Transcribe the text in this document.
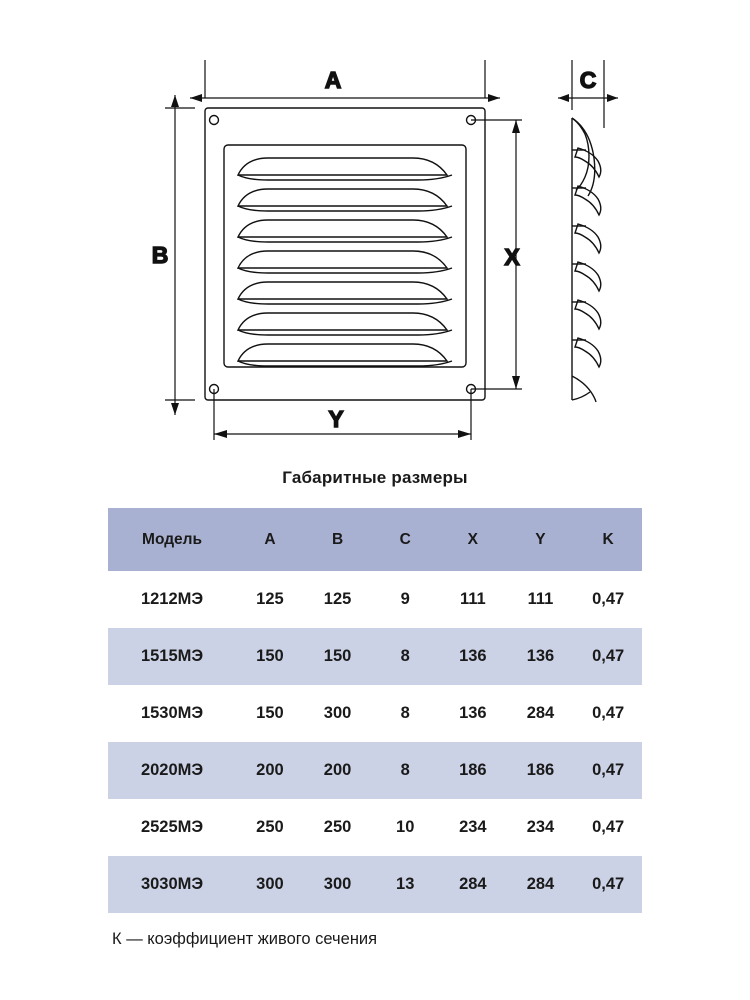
A
B	X
Y
C
Габаритные размеры
Модель	A	B	C	X	Y	K
1212МЭ	125	125	9	111	111	0,47
1515МЭ	150	150	8	136	136	0,47
1530МЭ	150	300	8	136	284	0,47
2020МЭ	200	200	8	186	186	0,47
2525МЭ	250	250	10	234	234	0,47
3030МЭ	300	300	13	284	284	0,47
К — коэффициент живого сечения
